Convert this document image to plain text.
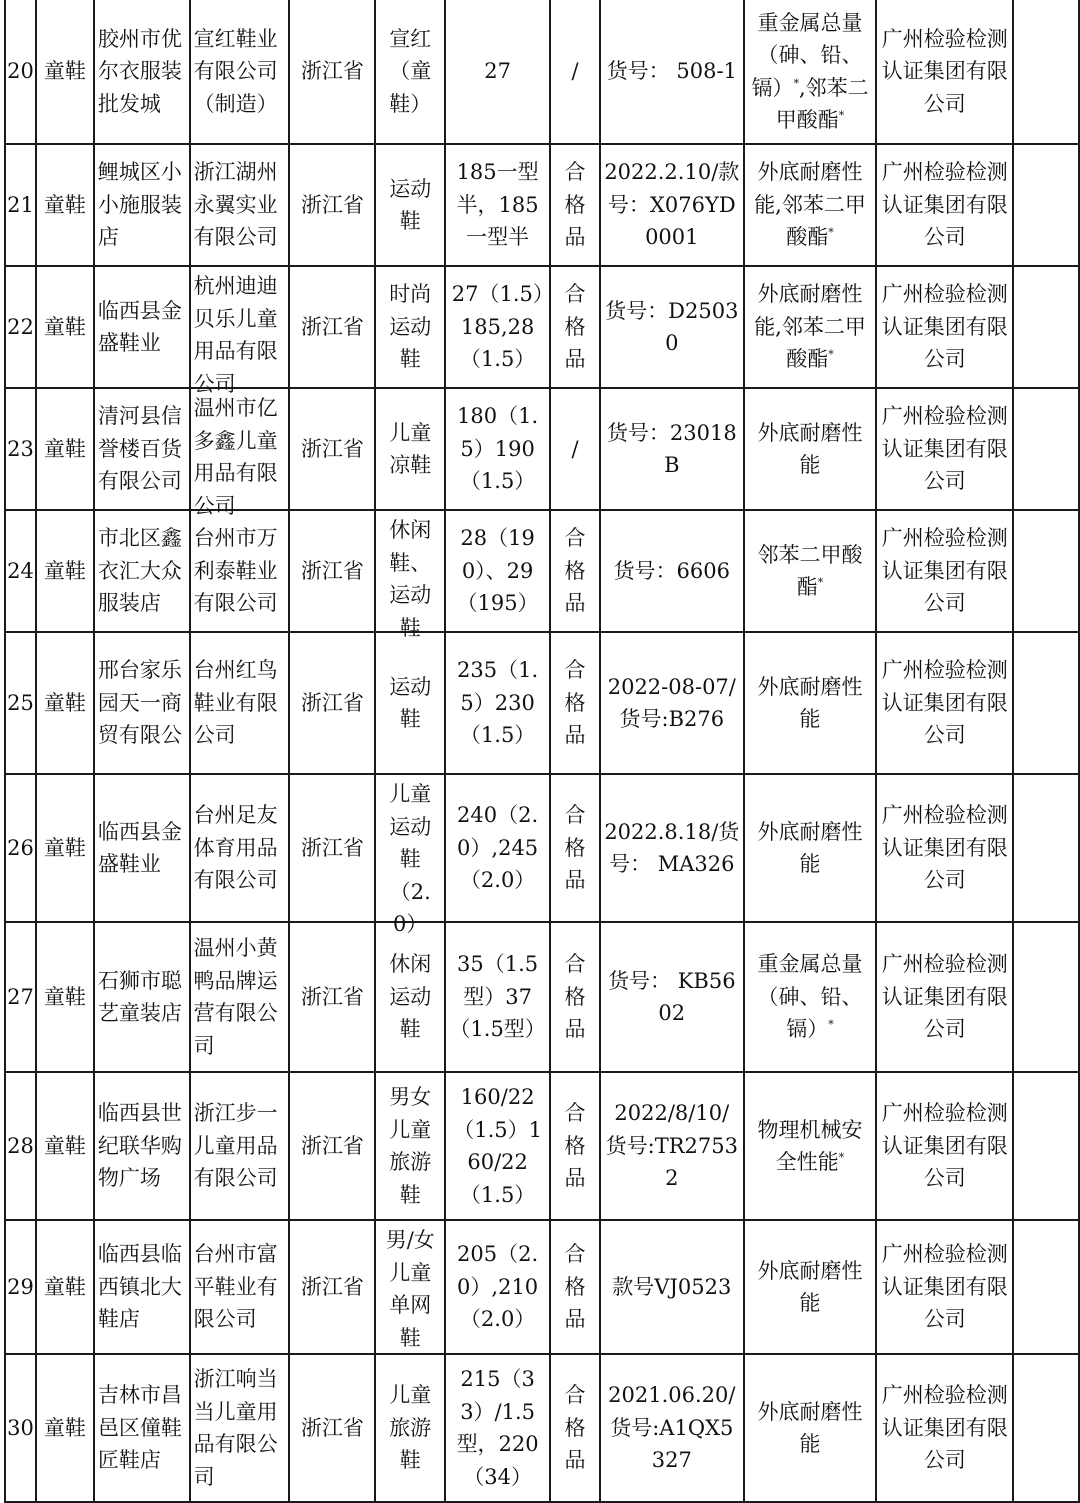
20	童鞋	胶州市优尔衣服装批发城	宣红鞋业有限公司（制造）	浙江省	宣红（童鞋）	27	/	货号： 508-1	重金属总量（砷、铅、镉）*,邻苯二甲酸酯*	广州检验检测认证集团有限公司	

21	童鞋	鲤城区小小施服装店	浙江湖州永翼实业有限公司	浙江省	运动鞋	185一型半，185一型半	合格品	2022.2.10/款号：X076YD0001	外底耐磨性能,邻苯二甲酸酯*	广州检验检测认证集团有限公司	

22	童鞋	临西县金盛鞋业	杭州迪迪贝乐儿童用品有限公司	浙江省	时尚运动鞋	27（1.5）185,28（1.5）	合格品	货号：D25030	外底耐磨性能,邻苯二甲酸酯*	广州检验检测认证集团有限公司	

23	童鞋	清河县信誉楼百货有限公司	温州市亿多鑫儿童用品有限公司	浙江省	儿童凉鞋	180（1.5）190（1.5）	/	货号：23018B	外底耐磨性能	广州检验检测认证集团有限公司	

24	童鞋	市北区鑫衣汇大众服装店	台州市万利泰鞋业有限公司	浙江省	休闲鞋、运动鞋	28（190）、29（195）	合格品	货号：6606	邻苯二甲酸酯*	广州检验检测认证集团有限公司	

25	童鞋	邢台家乐园天一商贸有限公	台州红鸟鞋业有限公司	浙江省	运动鞋	235（1.5）230（1.5）	合格品	2022-08-07/货号:B276	外底耐磨性能	广州检验检测认证集团有限公司	

26	童鞋	临西县金盛鞋业	台州足友体育用品有限公司	浙江省	儿童运动鞋（2.0）	240（2.0）,245（2.0）	合格品	2022.8.18/货号： MA326	外底耐磨性能	广州检验检测认证集团有限公司	

27	童鞋	石狮市聪艺童装店	温州小黄鸭品牌运营有限公司	浙江省	休闲运动鞋	35（1.5型）37（1.5型）	合格品	货号： KB5602	重金属总量（砷、铅、镉）*	广州检验检测认证集团有限公司	

28	童鞋	临西县世纪联华购物广场	浙江步一儿童用品有限公司	浙江省	男女儿童旅游鞋	160/22（1.5）160/22（1.5）	合格品	2022/8/10/货号:TR27532	物理机械安全性能*	广州检验检测认证集团有限公司	

29	童鞋	临西县临西镇北大鞋店	台州市富平鞋业有限公司	浙江省	男/女儿童单网鞋	205（2.0）,210（2.0）	合格品	款号VJ0523	外底耐磨性能	广州检验检测认证集团有限公司	

30	童鞋	吉林市昌邑区僮鞋匠鞋店	浙江响当当儿童用品有限公司	浙江省	儿童旅游鞋	215（33）/1.5型，220（34）	合格品	2021.06.20/货号:A1QX5327	外底耐磨性能	广州检验检测认证集团有限公司	
